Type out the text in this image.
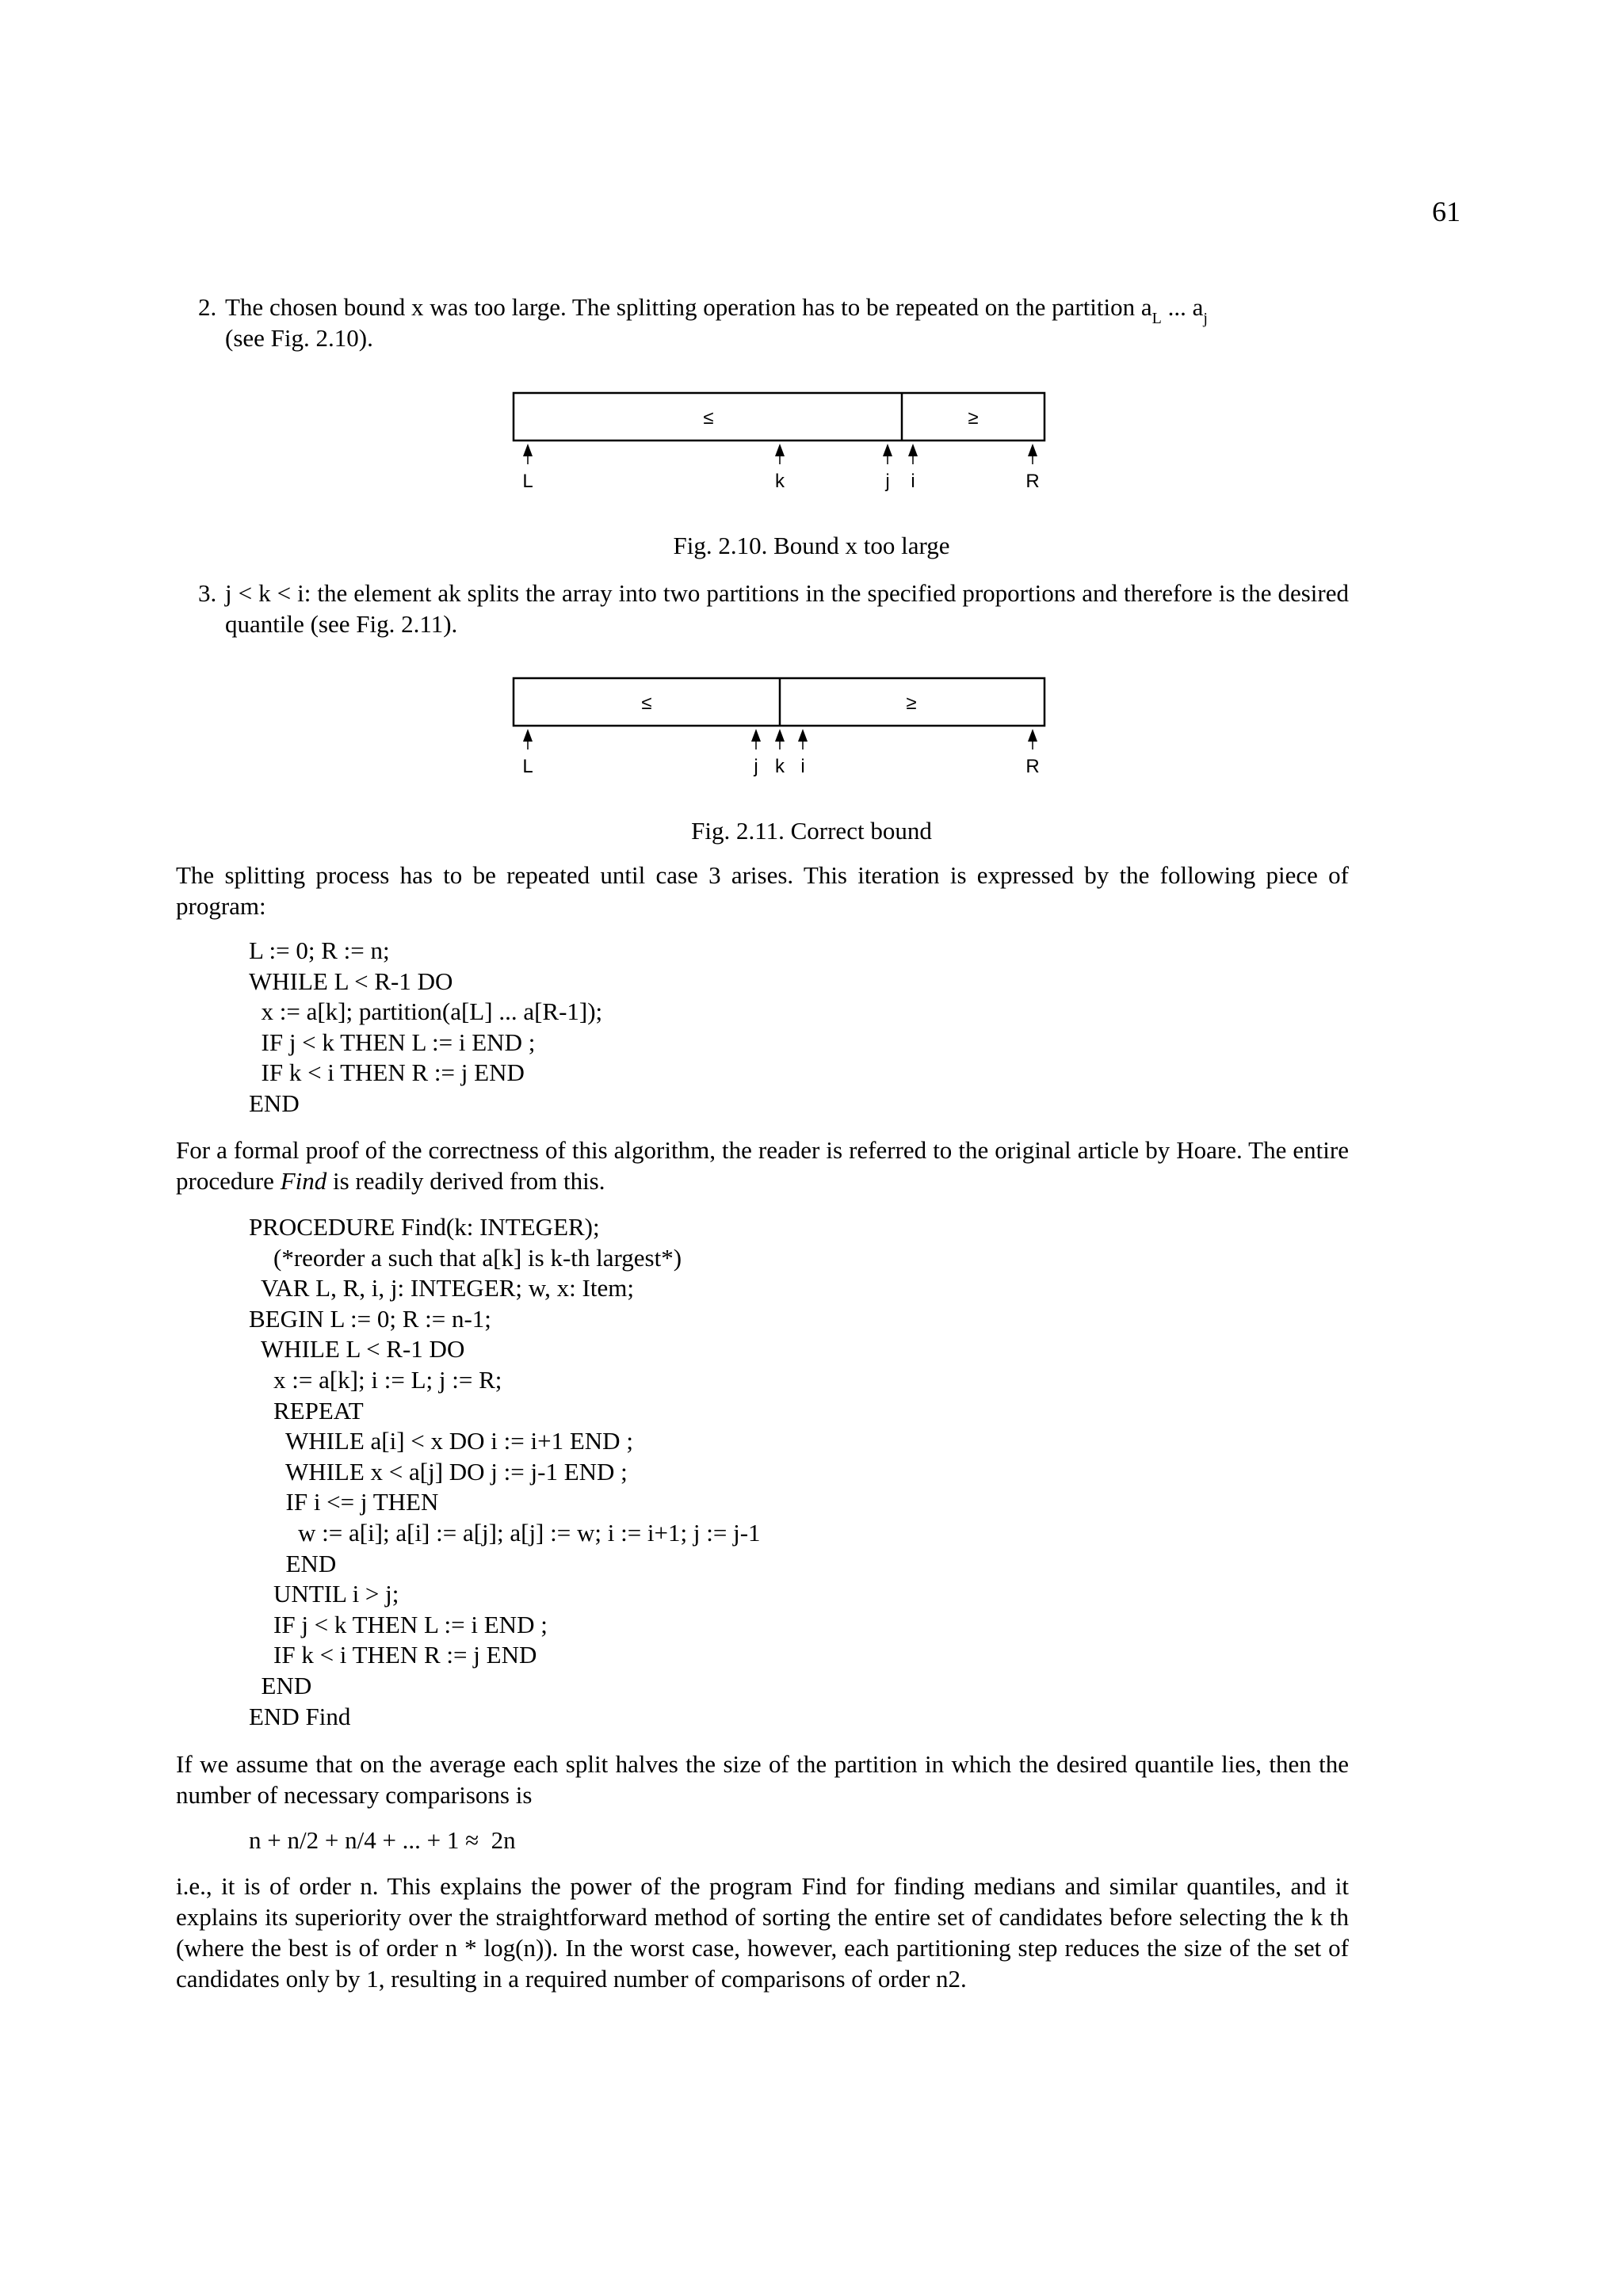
61
2. The chosen bound x was too large. The splitting operation has to be repeated on the partition $a_L$ ... $a_j$
(see Fig. 2.10).
≤	≥
L	k	j i	R
Fig. 2.10. Bound x too large
3. j < k < i: the element ak splits the array into two partitions in the specified proportions and therefore is the desired quantile (see Fig. 2.11).
≤	≥
L	j k i	R
Fig. 2.11. Correct bound
The splitting process has to be repeated until case 3 arises. This iteration is expressed by the following piece of program:
L := 0; R := n;
WHILE L < R-1 DO
x := a[k]; partition(a[L] ... a[R-1]);
IF j < k THEN L := i END ;
IF k < i THEN R := j END
END
For a formal proof of the correctness of this algorithm, the reader is referred to the original article by Hoare. The entire procedure Find is readily derived from this.
PROCEDURE Find(k: INTEGER);
(*reorder a such that a[k] is k-th largest*)
VAR L, R, i, j: INTEGER; w, x: Item;
BEGIN L := 0; R := n-1;
WHILE L < R-1 DO
x := a[k]; i := L; j := R;
REPEAT
WHILE a[i] < x DO i := i+1 END ;
WHILE x < a[j] DO j := j-1 END ;
IF i <= j THEN
w := a[i]; a[i] := a[j]; a[j] := w; i := i+1; j := j-1
END
UNTIL i > j;
IF j < k THEN L := i END ;
IF k < i THEN R := j END
END
END Find
If we assume that on the average each split halves the size of the partition in which the desired quantile lies, then the number of necessary comparisons is
n + n/2 + n/4 + ... + 1 ≈  2n
i.e., it is of order n. This explains the power of the program Find for finding medians and similar quantiles, and it explains its superiority over the straightforward method of sorting the entire set of candidates before selecting the k th (where the best is of order n * log(n)). In the worst case, however, each partitioning step reduces the size of the set of candidates only by 1, resulting in a required number of comparisons of order n2.
